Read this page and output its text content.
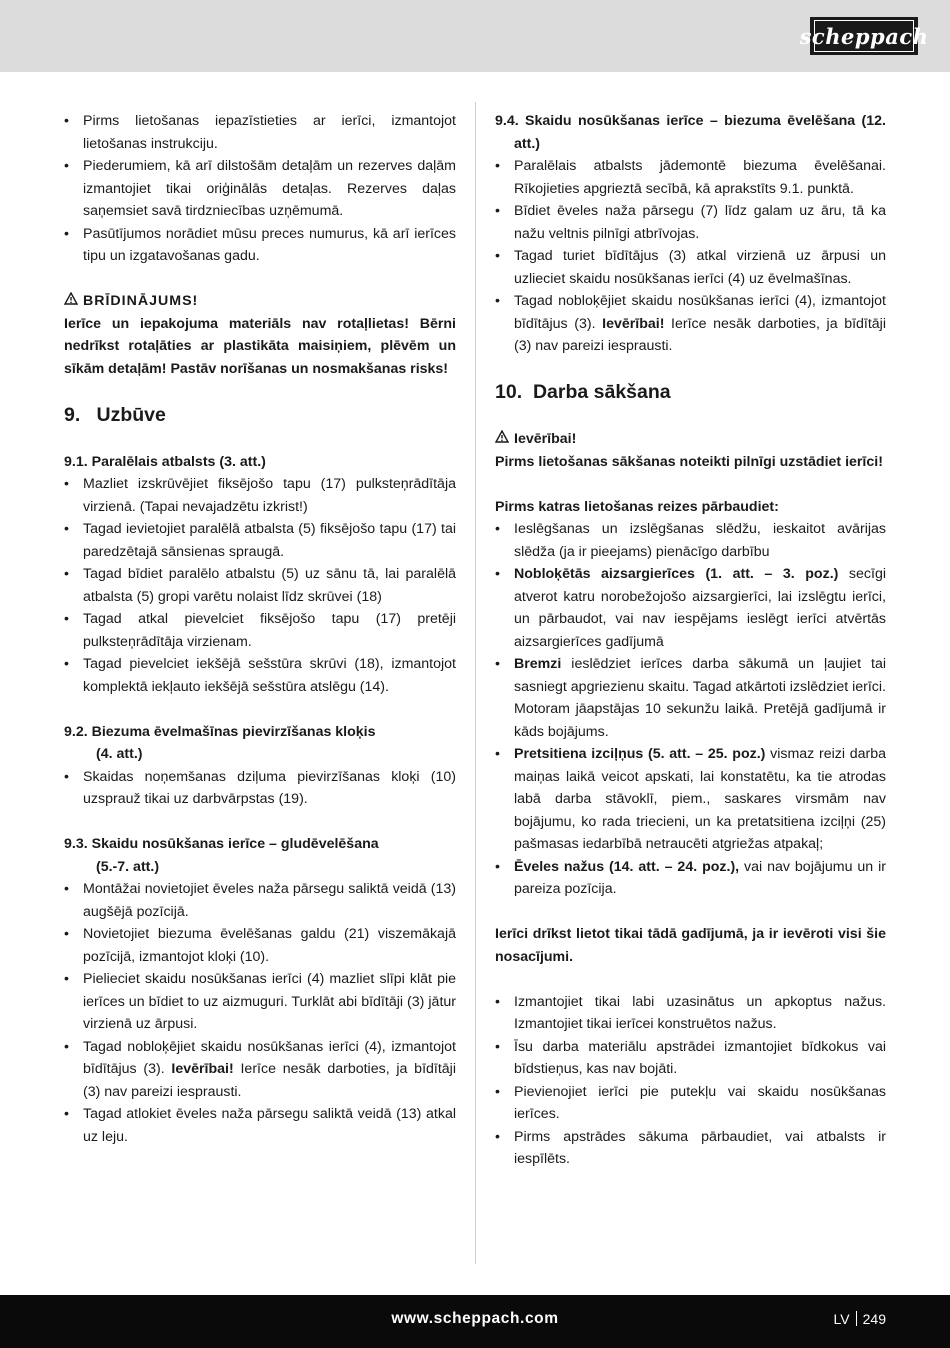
scheppach
• Pirms lietošanas iepazīstieties ar ierīci, izmantojot lietošanas instrukciju.
• Piederumiem, kā arī dilstošām detaļām un rezerves daļām izmantojiet tikai oriģinālās detaļas. Rezerves daļas saņemsiet savā tirdzniecības uzņēmumā.
• Pasūtījumos norādiet mūsu preces numurus, kā arī ierīces tipu un izgatavošanas gadu.
BRĪDINĀJUMS!
Ierīce un iepakojuma materiāls nav rotaļlietas! Bērni nedrīkst rotaļāties ar plastikāta maisiņiem, plēvēm un sīkām detaļām! Pastāv norīšanas un nosmakšanas risks!
9. Uzbūve
9.1. Paralēlais atbalsts (3. att.)
• Mazliet izskrūvējiet fiksējošo tapu (17) pulksteņrādītāja virzienā. (Tapai nevajadzētu izkrist!)
• Tagad ievietojiet paralēlā atbalsta (5) fiksējošo tapu (17) tai paredzētajā sānsienas spraugā.
• Tagad bīdiet paralēlo atbalstu (5) uz sānu tā, lai paralēlā atbalsta (5) gropi varētu nolaist līdz skrūvei (18)
• Tagad atkal pievelciet fiksējošo tapu (17) pretēji pulksteņrādītāja virzienam.
• Tagad pievelciet iekšējā sešstūra skrūvi (18), izmantojot komplektā iekļauto iekšējā sešstūra atslēgu (14).
9.2. Biezuma ēvelmašīnas pievirzīšanas kloķis
(4. att.)
• Skaidas noņemšanas dziļuma pievirzīšanas kloķi (10) uzsprauž tikai uz darbvārpstas (19).
9.3. Skaidu nosūkšanas ierīce – gludēvelēšana
(5.-7. att.)
• Montāžai novietojiet ēveles naža pārsegu saliktā veidā (13) augšējā pozīcijā.
• Novietojiet biezuma ēvelēšanas galdu (21) viszemākajā pozīcijā, izmantojot kloķi (10).
• Pielieciet skaidu nosūkšanas ierīci (4) mazliet slīpi klāt pie ierīces un bīdiet to uz aizmuguri. Turklāt abi bīdītāji (3) jātur virzienā uz ārpusi.
• Tagad nobloķējiet skaidu nosūkšanas ierīci (4), izmantojot bīdītājus (3). Ievērībai! Ierīce nesāk darboties, ja bīdītāji (3) nav pareizi iesprausti.
• Tagad atlokiet ēveles naža pārsegu saliktā veidā (13) atkal uz leju.
9.4. Skaidu nosūkšanas ierīce – biezuma ēvelēšana (12. att.)
• Paralēlais atbalsts jādemontē biezuma ēvelēšanai. Rīkojieties apgrieztā secībā, kā aprakstīts 9.1. punktā.
• Bīdiet ēveles naža pārsegu (7) līdz galam uz āru, tā ka nažu veltnis pilnīgi atbrīvojas.
• Tagad turiet bīdītājus (3) atkal virzienā uz ārpusi un uzlieciet skaidu nosūkšanas ierīci (4) uz ēvelmašīnas.
• Tagad nobloķējiet skaidu nosūkšanas ierīci (4), izmantojot bīdītājus (3). Ievērībai! Ierīce nesāk darboties, ja bīdītāji (3) nav pareizi iesprausti.
10. Darba sākšana
Ievērībai!
Pirms lietošanas sākšanas noteikti pilnīgi uzstādiet ierīci!
Pirms katras lietošanas reizes pārbaudiet:
• Ieslēgšanas un izslēgšanas slēdžu, ieskaitot avārijas slēdža (ja ir pieejams) pienācīgo darbību
• Nobloķētās aizsargierīces (1. att. – 3. poz.) secīgi atverot katru norobežojošo aizsargierīci, lai izslēgtu ierīci, un pārbaudot, vai nav iespējams ieslēgt ierīci atvērtās aizsargierīces gadījumā
• Bremzi ieslēdziet ierīces darba sākumā un ļaujiet tai sasniegt apgriezienu skaitu. Tagad atkārtoti izslēdziet ierīci. Motoram jāapstājas 10 sekunžu laikā. Pretējā gadījumā ir kāds bojājums.
• Pretsitiena izciļņus (5. att. – 25. poz.) vismaz reizi darba maiņas laikā veicot apskati, lai konstatētu, ka tie atrodas labā darba stāvoklī, piem., saskares virsmām nav bojājumu, ko rada triecieni, un ka pretatsitiena izciļņi (25) pašmasas iedarbībā netraucēti atgriežas atpakaļ;
• Ēveles nažus (14. att. – 24. poz.), vai nav bojājumu un ir pareiza pozīcija.
Ierīci drīkst lietot tikai tādā gadījumā, ja ir ievēroti visi šie nosacījumi.
• Izmantojiet tikai labi uzasinātus un apkoptus nažus. Izmantojiet tikai ierīcei konstruētos nažus.
• Īsu darba materiālu apstrādei izmantojiet bīdkokus vai bīdstieņus, kas nav bojāti.
• Pievienojiet ierīci pie putekļu vai skaidu nosūkšanas ierīces.
• Pirms apstrādes sākuma pārbaudiet, vai atbalsts ir iespīlēts.
www.scheppach.com	LV 249
